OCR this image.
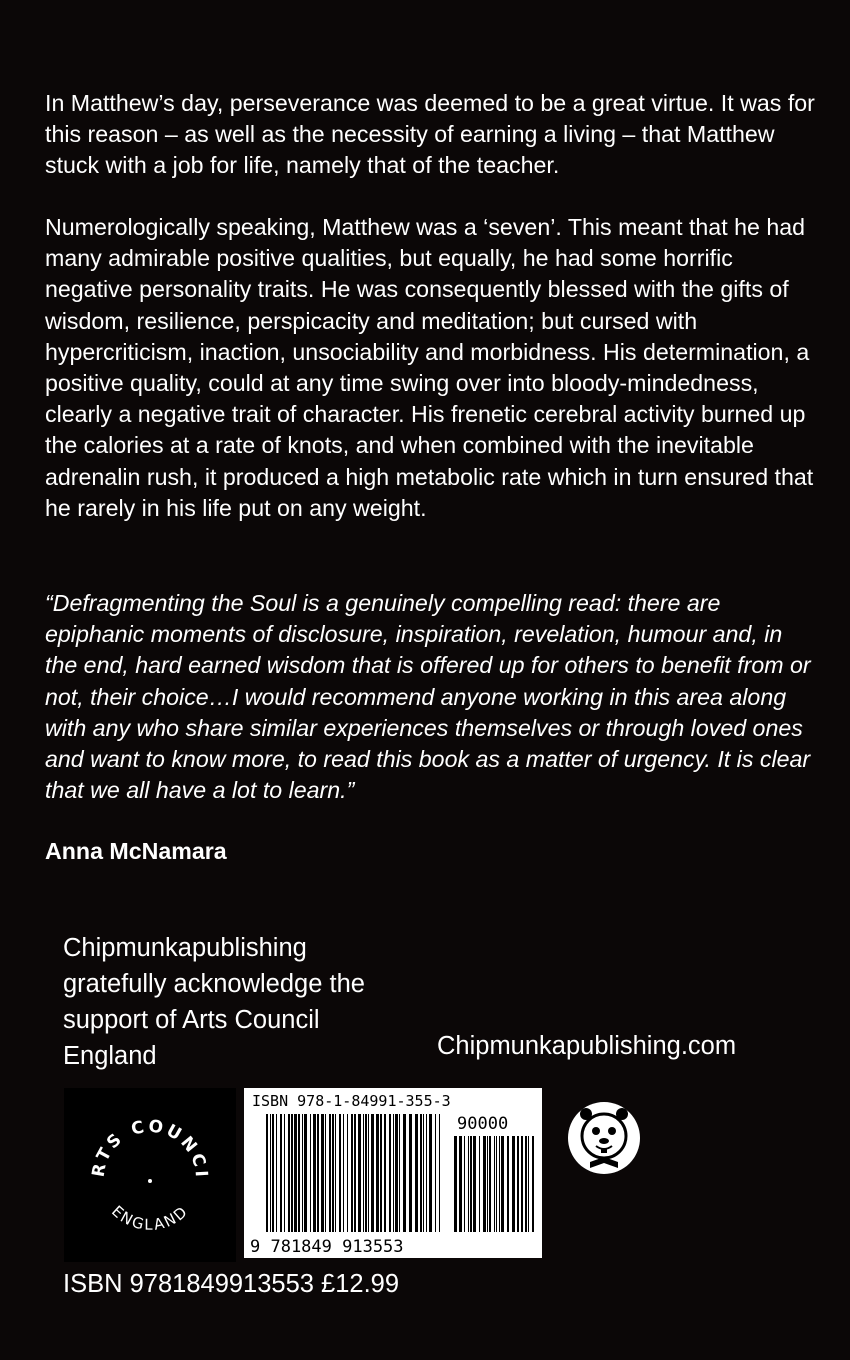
In Matthew’s day, perseverance was deemed to be a great virtue. It was for this reason – as well as the necessity of earning a living – that Matthew stuck with a job for life, namely that of the teacher.

Numerologically speaking, Matthew was a ‘seven’. This meant that he had many admirable positive qualities, but equally, he had some horrific negative personality traits. He was consequently blessed with the gifts of wisdom, resilience, perspicacity and meditation; but cursed with hypercriticism, inaction, unsociability and morbidness. His determination, a positive quality, could at any time swing over into bloody-mindedness, clearly a negative trait of character. His frenetic cerebral activity burned up the calories at a rate of knots, and when combined with the inevitable adrenalin rush, it produced a high metabolic rate which in turn ensured that he rarely in his life put on any weight.

“Defragmenting the Soul is a genuinely compelling read: there are epiphanic moments of disclosure, inspiration, revelation, humour and, in the end, hard earned wisdom that is offered up for others to benefit from or not, their choice…I would recommend anyone working in this area along with any who share similar experiences themselves or through loved ones and want to know more, to read this book as a matter of urgency. It is clear that we all have a lot to learn.”

Anna McNamara

Chipmunkapublishing
gratefully acknowledge the
support of Arts Council
England	Chipmunkapublishing.com
RTS COUNCI
ENGLAND
ISBN 978-1-84991-355-3
90000
9 781849 913553
ISBN 9781849913553 £12.99
